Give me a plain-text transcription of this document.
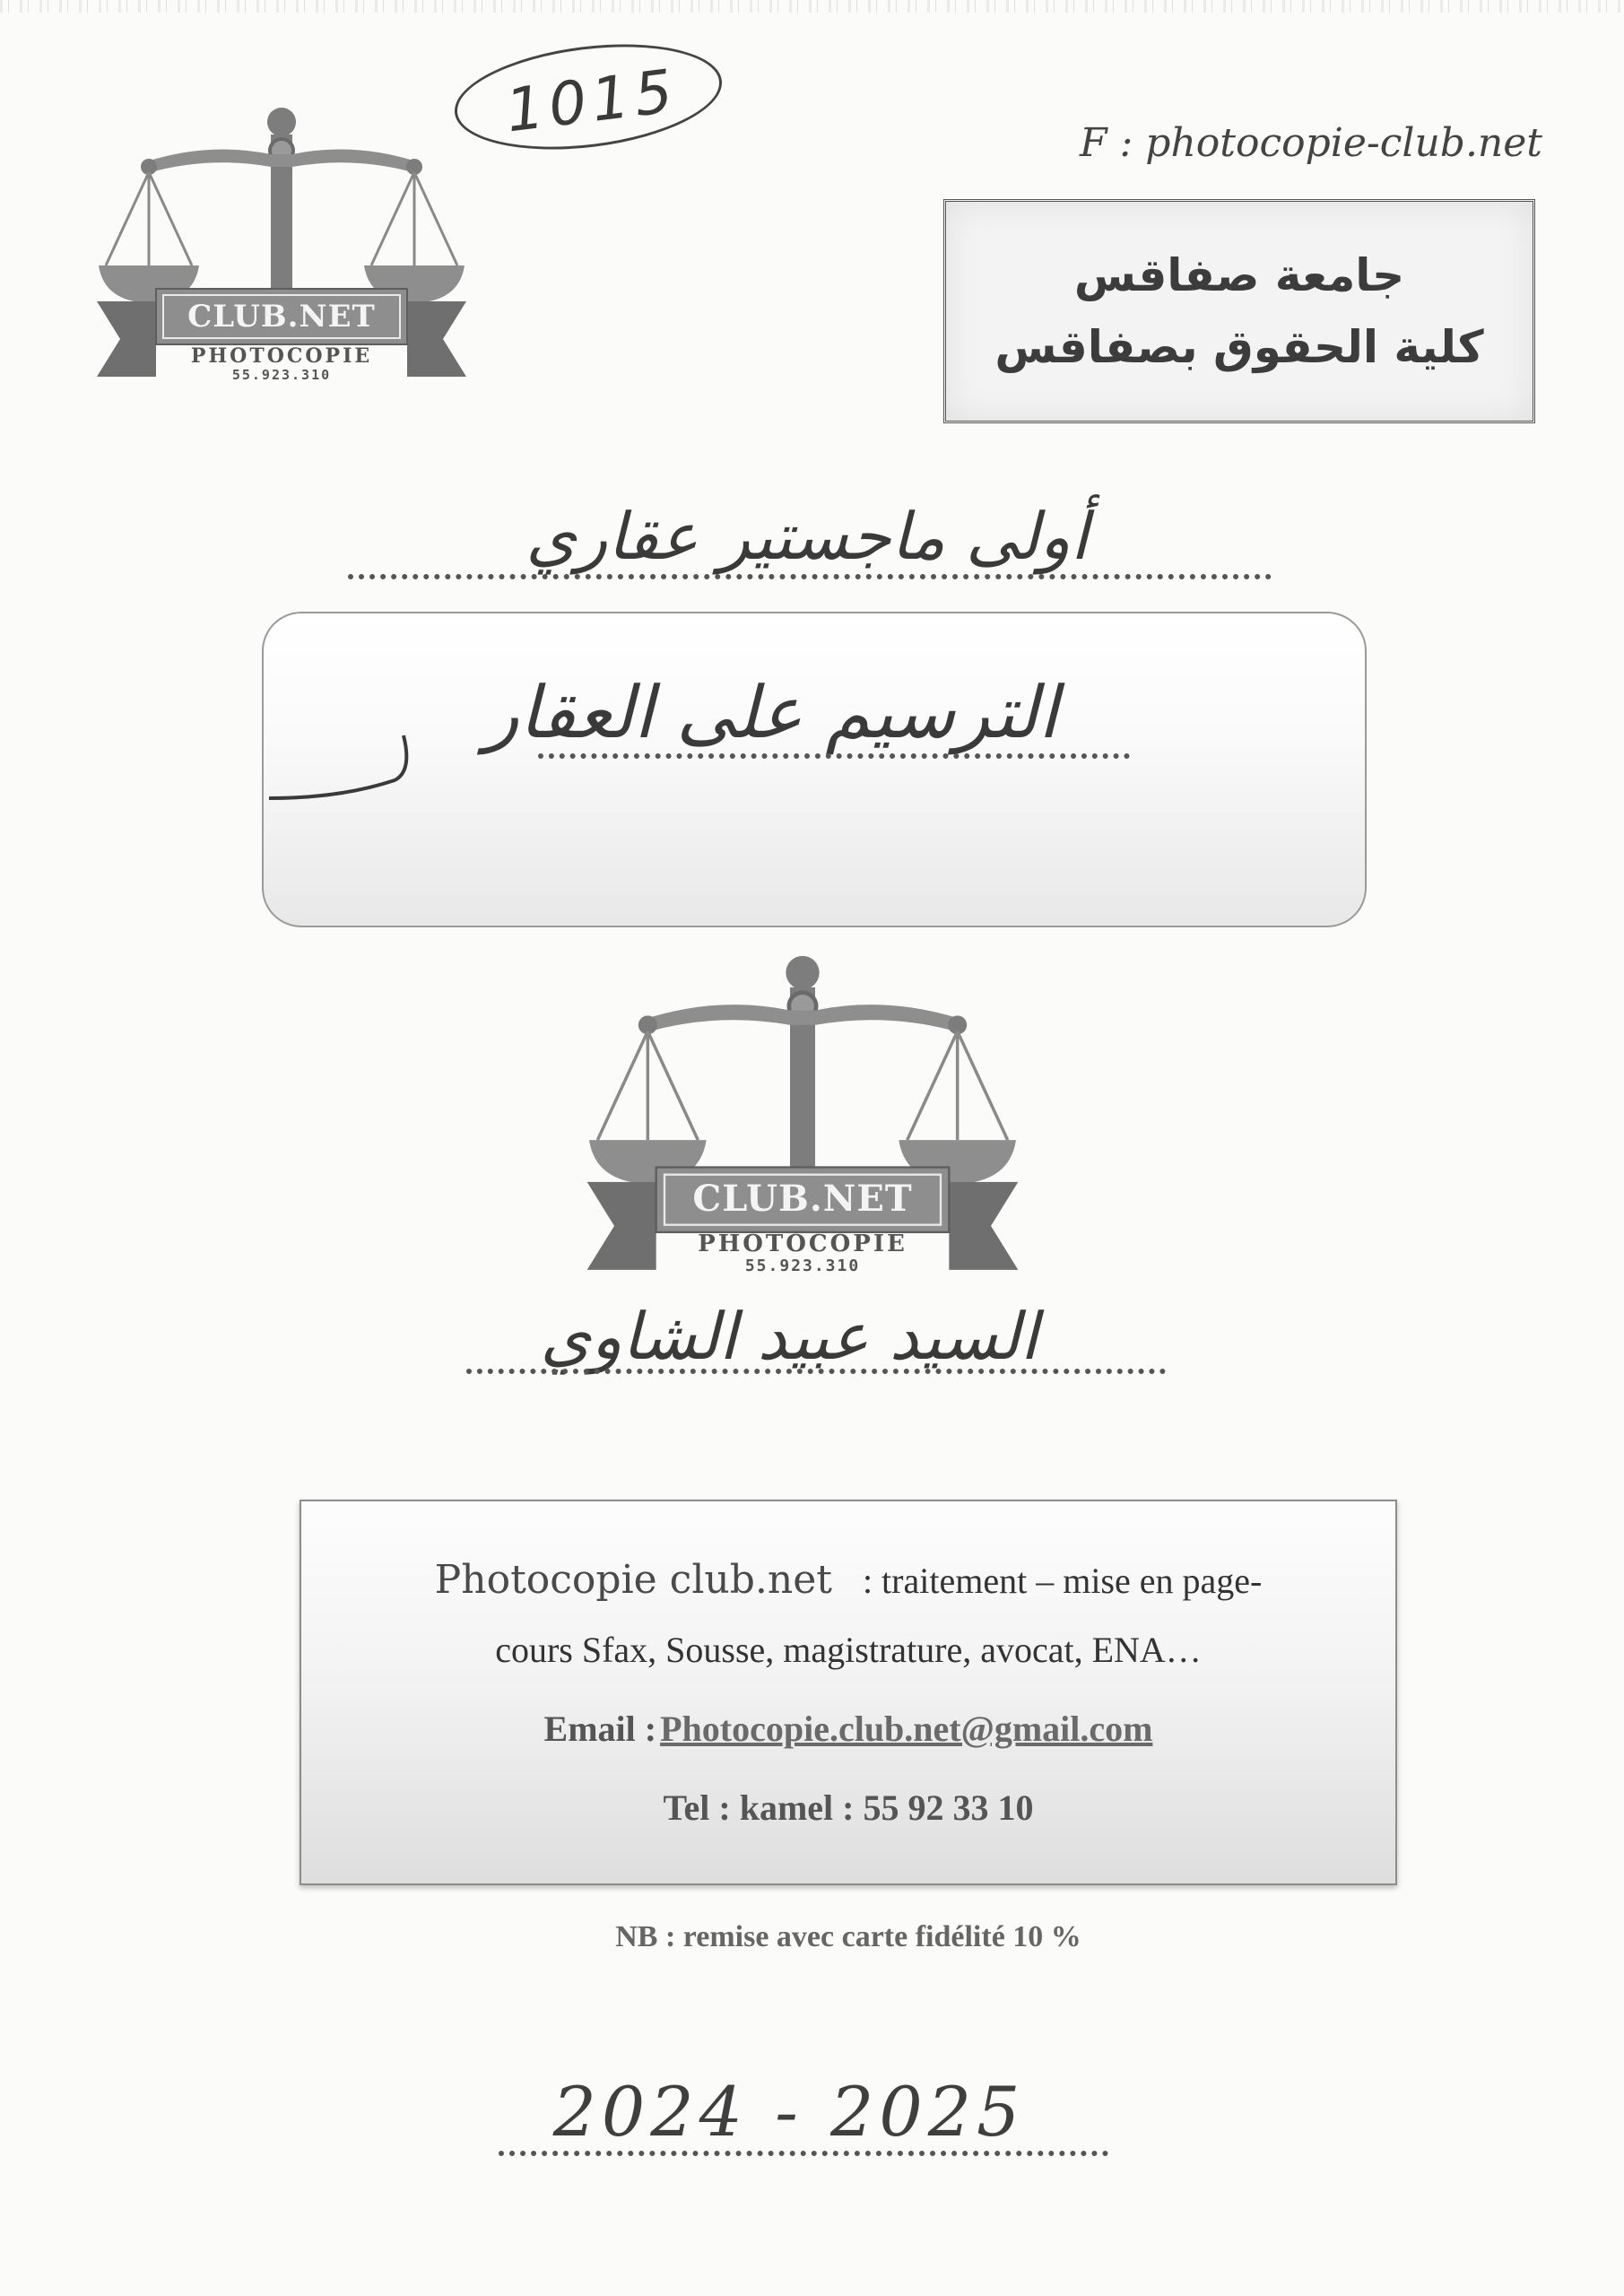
1015	F : photocopie-club.net
جامعة صفاقس
كلية الحقوق بصفاقس
CLUB.NET
PHOTOCOPIE
55.923.310
أولى ماجستير عقاري
الترسيم على العقار
CLUB.NET
PHOTOCOPIE
55.923.310
السيد عبيد الشاوي
Photocopie club.net : traitement – mise en page-
cours Sfax, Sousse, magistrature, avocat, ENA…
Email : Photocopie.club.net@gmail.com
Tel : kamel : 55 92 33 10
NB : remise avec carte fidélité 10 %
2024 - 2025
